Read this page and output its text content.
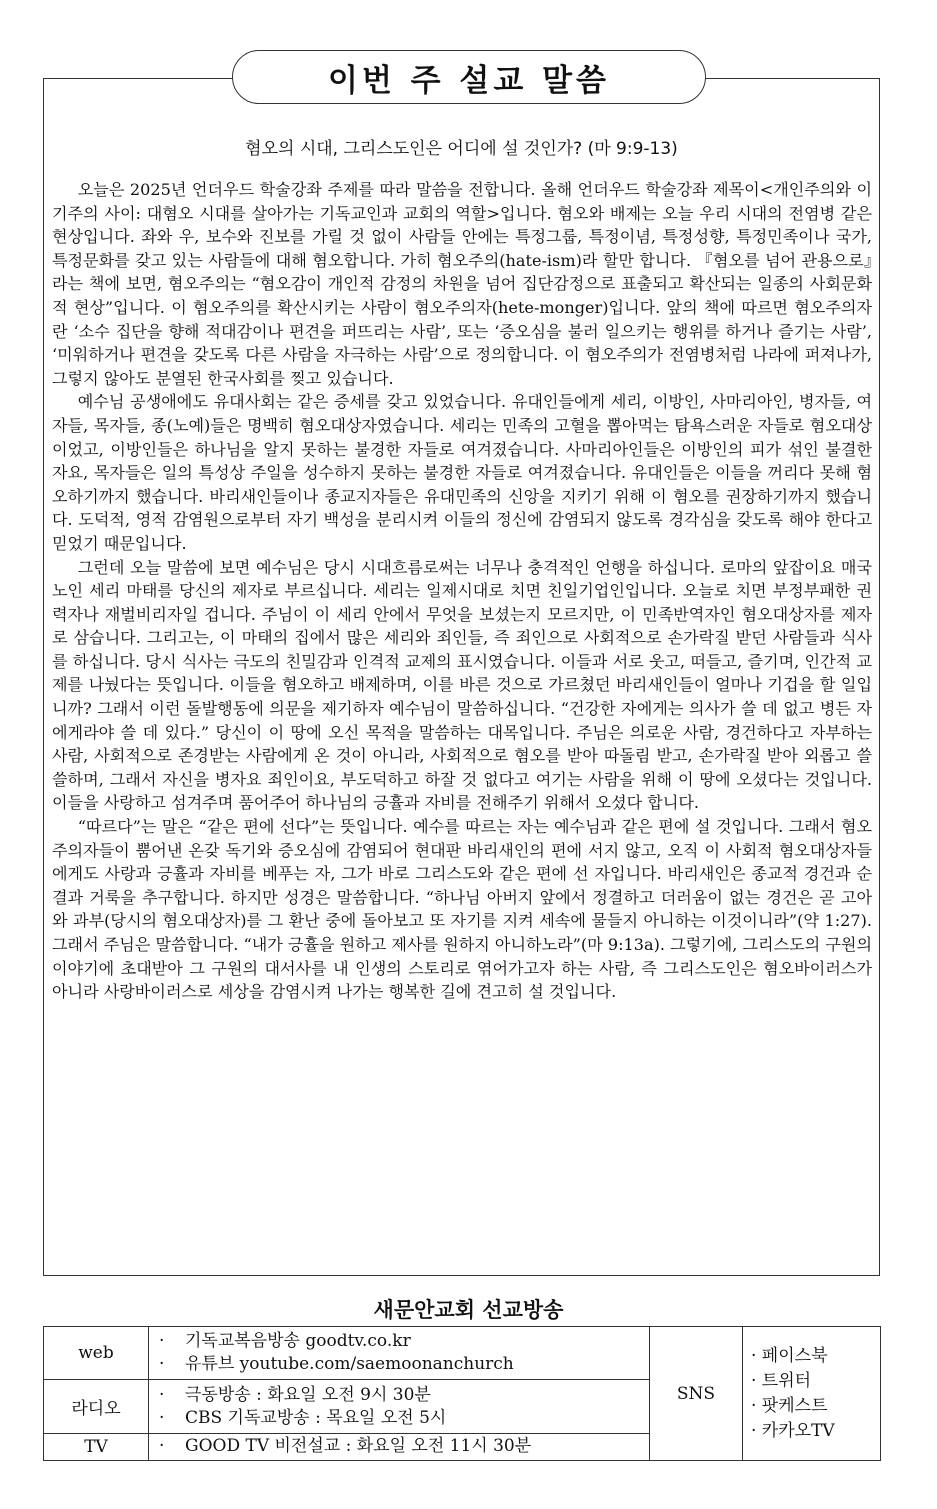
이번 주 설교 말씀
혐오의 시대, 그리스도인은 어디에 설 것인가? (마 9:9-13)

오늘은 2025년 언더우드 학술강좌 주제를 따라 말씀을 전합니다. 올해 언더우드 학술강좌 제목이<개인주의와 이기주의 사이: 대혐오 시대를 살아가는 기독교인과 교회의 역할>입니다. 혐오와 배제는 오늘 우리 시대의 전염병 같은 현상입니다. 좌와 우, 보수와 진보를 가릴 것 없이 사람들 안에는 특정그룹, 특정이념, 특정성향, 특정민족이나 국가, 특정문화를 갖고 있는 사람들에 대해 혐오합니다. 가히 혐오주의(hate-ism)라 할만 합니다. 『혐오를 넘어 관용으로』라는 책에 보면, 혐오주의는 “혐오감이 개인적 감정의 차원을 넘어 집단감정으로 표출되고 확산되는 일종의 사회문화적 현상”입니다. 이 혐오주의를 확산시키는 사람이 혐오주의자(hete-monger)입니다. 앞의 책에 따르면 혐오주의자란 ‘소수 집단을 향해 적대감이나 편견을 퍼뜨리는 사람’, 또는 ‘증오심을 불러 일으키는 행위를 하거나 즐기는 사람’, ‘미워하거나 편견을 갖도록 다른 사람을 자극하는 사람’으로 정의합니다. 이 혐오주의가 전염병처럼 나라에 퍼져나가, 그렇지 않아도 분열된 한국사회를 찢고 있습니다.

예수님 공생애에도 유대사회는 같은 증세를 갖고 있었습니다. 유대인들에게 세리, 이방인, 사마리아인, 병자들, 여자들, 목자들, 종(노예)들은 명백히 혐오대상자였습니다. 세리는 민족의 고혈을 뽑아먹는 탐욕스러운 자들로 혐오대상이었고, 이방인들은 하나님을 알지 못하는 불경한 자들로 여겨졌습니다. 사마리아인들은 이방인의 피가 섞인 불결한 자요, 목자들은 일의 특성상 주일을 성수하지 못하는 불경한 자들로 여겨졌습니다. 유대인들은 이들을 꺼리다 못해 혐오하기까지 했습니다. 바리새인들이나 종교지자들은 유대민족의 신앙을 지키기 위해 이 혐오를 권장하기까지 했습니다. 도덕적, 영적 감염원으로부터 자기 백성을 분리시켜 이들의 정신에 감염되지 않도록 경각심을 갖도록 해야 한다고 믿었기 때문입니다.

그런데 오늘 말씀에 보면 예수님은 당시 시대흐름로써는 너무나 충격적인 언행을 하십니다. 로마의 앞잡이요 매국노인 세리 마태를 당신의 제자로 부르십니다. 세리는 일제시대로 치면 친일기업인입니다. 오늘로 치면 부정부패한 권력자나 재벌비리자일 겁니다. 주님이 이 세리 안에서 무엇을 보셨는지 모르지만, 이 민족반역자인 혐오대상자를 제자로 삼습니다. 그리고는, 이 마태의 집에서 많은 세리와 죄인들, 즉 죄인으로 사회적으로 손가락질 받던 사람들과 식사를 하십니다. 당시 식사는 극도의 친밀감과 인격적 교제의 표시였습니다. 이들과 서로 웃고, 떠들고, 즐기며, 인간적 교제를 나눴다는 뜻입니다. 이들을 혐오하고 배제하며, 이를 바른 것으로 가르쳤던 바리새인들이 얼마나 기겁을 할 일입니까? 그래서 이런 돌발행동에 의문을 제기하자 예수님이 말씀하십니다. “건강한 자에게는 의사가 쓸 데 없고 병든 자에게라야 쓸 데 있다.” 당신이 이 땅에 오신 목적을 말씀하는 대목입니다. 주님은 의로운 사람, 경건하다고 자부하는 사람, 사회적으로 존경받는 사람에게 온 것이 아니라, 사회적으로 혐오를 받아 따돌림 받고, 손가락질 받아 외롭고 쓸쓸하며, 그래서 자신을 병자요 죄인이요, 부도덕하고 하잘 것 없다고 여기는 사람을 위해 이 땅에 오셨다는 것입니다. 이들을 사랑하고 섬겨주며 품어주어 하나님의 긍휼과 자비를 전해주기 위해서 오셨다 합니다.

“따르다”는 말은 “같은 편에 선다”는 뜻입니다. 예수를 따르는 자는 예수님과 같은 편에 설 것입니다. 그래서 혐오주의자들이 뿜어낸 온갖 독기와 증오심에 감염되어 현대판 바리새인의 편에 서지 않고, 오직 이 사회적 혐오대상자들에게도 사랑과 긍휼과 자비를 베푸는 자, 그가 바로 그리스도와 같은 편에 선 자입니다. 바리새인은 종교적 경건과 순결과 거룩을 추구합니다. 하지만 성경은 말씀합니다. “하나님 아버지 앞에서 정결하고 더러움이 없는 경건은 곧 고아와 과부(당시의 혐오대상자)를 그 환난 중에 돌아보고 또 자기를 지켜 세속에 물들지 아니하는 이것이니라”(약 1:27). 그래서 주님은 말씀합니다. “내가 긍휼을 원하고 제사를 원하지 아니하노라”(마 9:13a). 그렇기에, 그리스도의 구원의 이야기에 초대받아 그 구원의 대서사를 내 인생의 스토리로 엮어가고자 하는 사람, 즉 그리스도인은 혐오바이러스가 아니라 사랑바이러스로 세상을 감염시켜 나가는 행복한 길에 견고히 설 것입니다.

새문안교회 선교방송
web	· 기독교복음방송 goodtv.co.kr
· 유튜브 youtube.com/saemoonanchurch	SNS	· 페이스북
· 트위터
· 팟케스트
· 카카오TV

라디오	· 극동방송 : 화요일 오전 9시 30분
· CBS 기독교방송 : 목요일 오전 5시		

TV	· GOOD TV 비전설교 : 화요일 오전 11시 30분		
